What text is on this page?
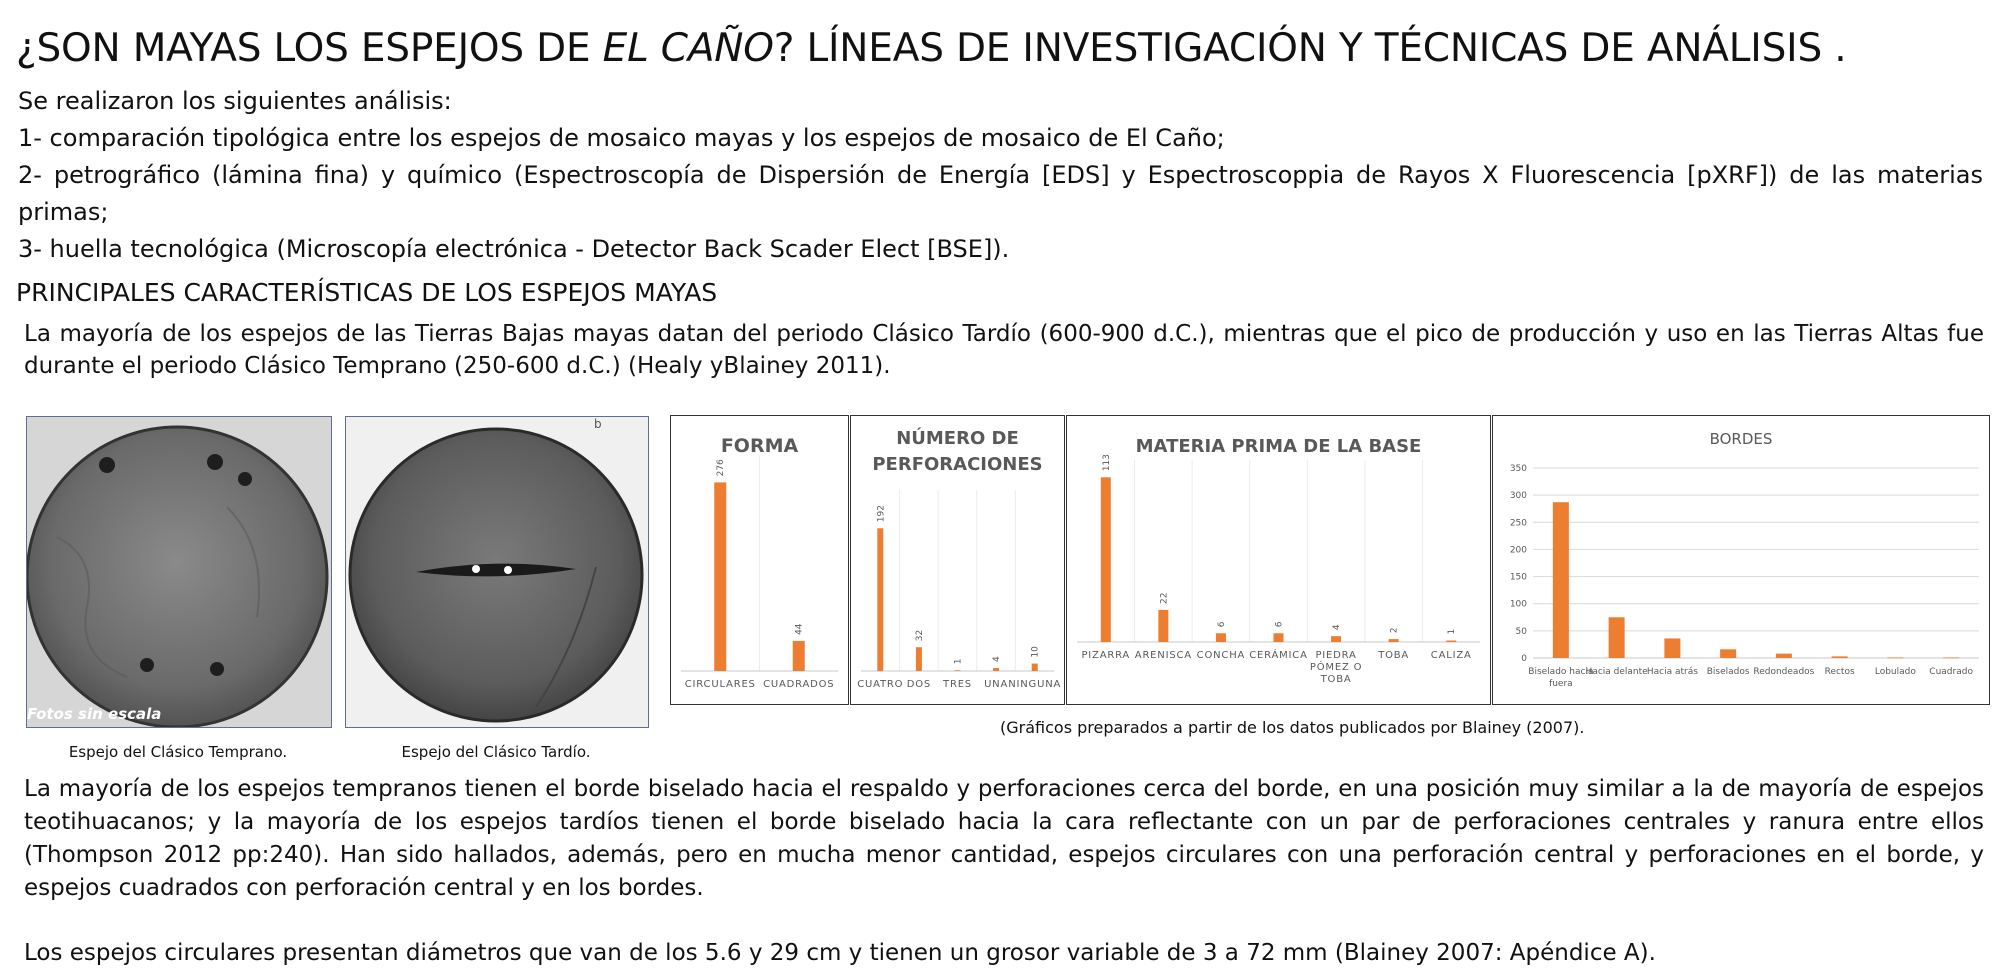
¿SON MAYAS LOS ESPEJOS DE EL CAÑO? LÍNEAS DE INVESTIGACIÓN Y TÉCNICAS DE ANÁLISIS .
Se realizaron los siguientes análisis:
1- comparación tipológica entre los espejos de mosaico mayas y los espejos de mosaico de El Caño;
2- petrográfico (lámina fina) y químico (Espectroscopía de Dispersión de Energía [EDS] y Espectroscoppia de Rayos X Fluorescencia [pXRF]) de las materias primas;
3- huella tecnológica (Microscopía electrónica - Detector Back Scader Elect [BSE]).
PRINCIPALES CARACTERÍSTICAS DE LOS ESPEJOS MAYAS
La mayoría de los espejos de las Tierras Bajas mayas datan del periodo Clásico Tardío (600-900 d.C.), mientras que el pico de producción y uso en las Tierras Altas fue durante el periodo Clásico Temprano (250-600 d.C.) (Healy yBlainey 2011).
Fotos sin escala
Espejo del Clásico Temprano.
b
Espejo del Clásico Tardío.
FORMA
276
CIRCULARES
44
CUADRADOS
NÚMERO DE
PERFORACIONES
192
CUATRO
32
DOS
1
TRES
4
UNA
10
NINGUNA
MATERIA PRIMA DE LA BASE
113
PIZARRA
22
ARENISCA
6
CONCHA
6
CERÁMICA
4
PIEDRA
PÓMEZ O
TOBA
2
TOBA
1
CALIZA
BORDES
0
50
100
150
200
250
300
350
Biselado hacia
fuera
Hacia delante Hacia atrás Biselados Redondeados Rectos Lobulado Cuadrado
(Gráficos preparados a partir de los datos publicados por Blainey (2007).
La mayoría de los espejos tempranos tienen el borde biselado hacia el respaldo y perforaciones cerca del borde, en una posición muy similar a la de mayoría de espejos teotihuacanos; y la mayoría de los espejos tardíos tienen el borde biselado hacia la cara reflectante con un par de perforaciones centrales y ranura entre ellos (Thompson 2012 pp:240). Han sido hallados, además, pero en mucha menor cantidad, espejos circulares con una perforación central y perforaciones en el borde, y espejos cuadrados con perforación central y en los bordes.
Los espejos circulares presentan diámetros que van de los 5.6 y 29 cm y tienen un grosor variable de 3 a 72 mm (Blainey 2007: Apéndice A).
